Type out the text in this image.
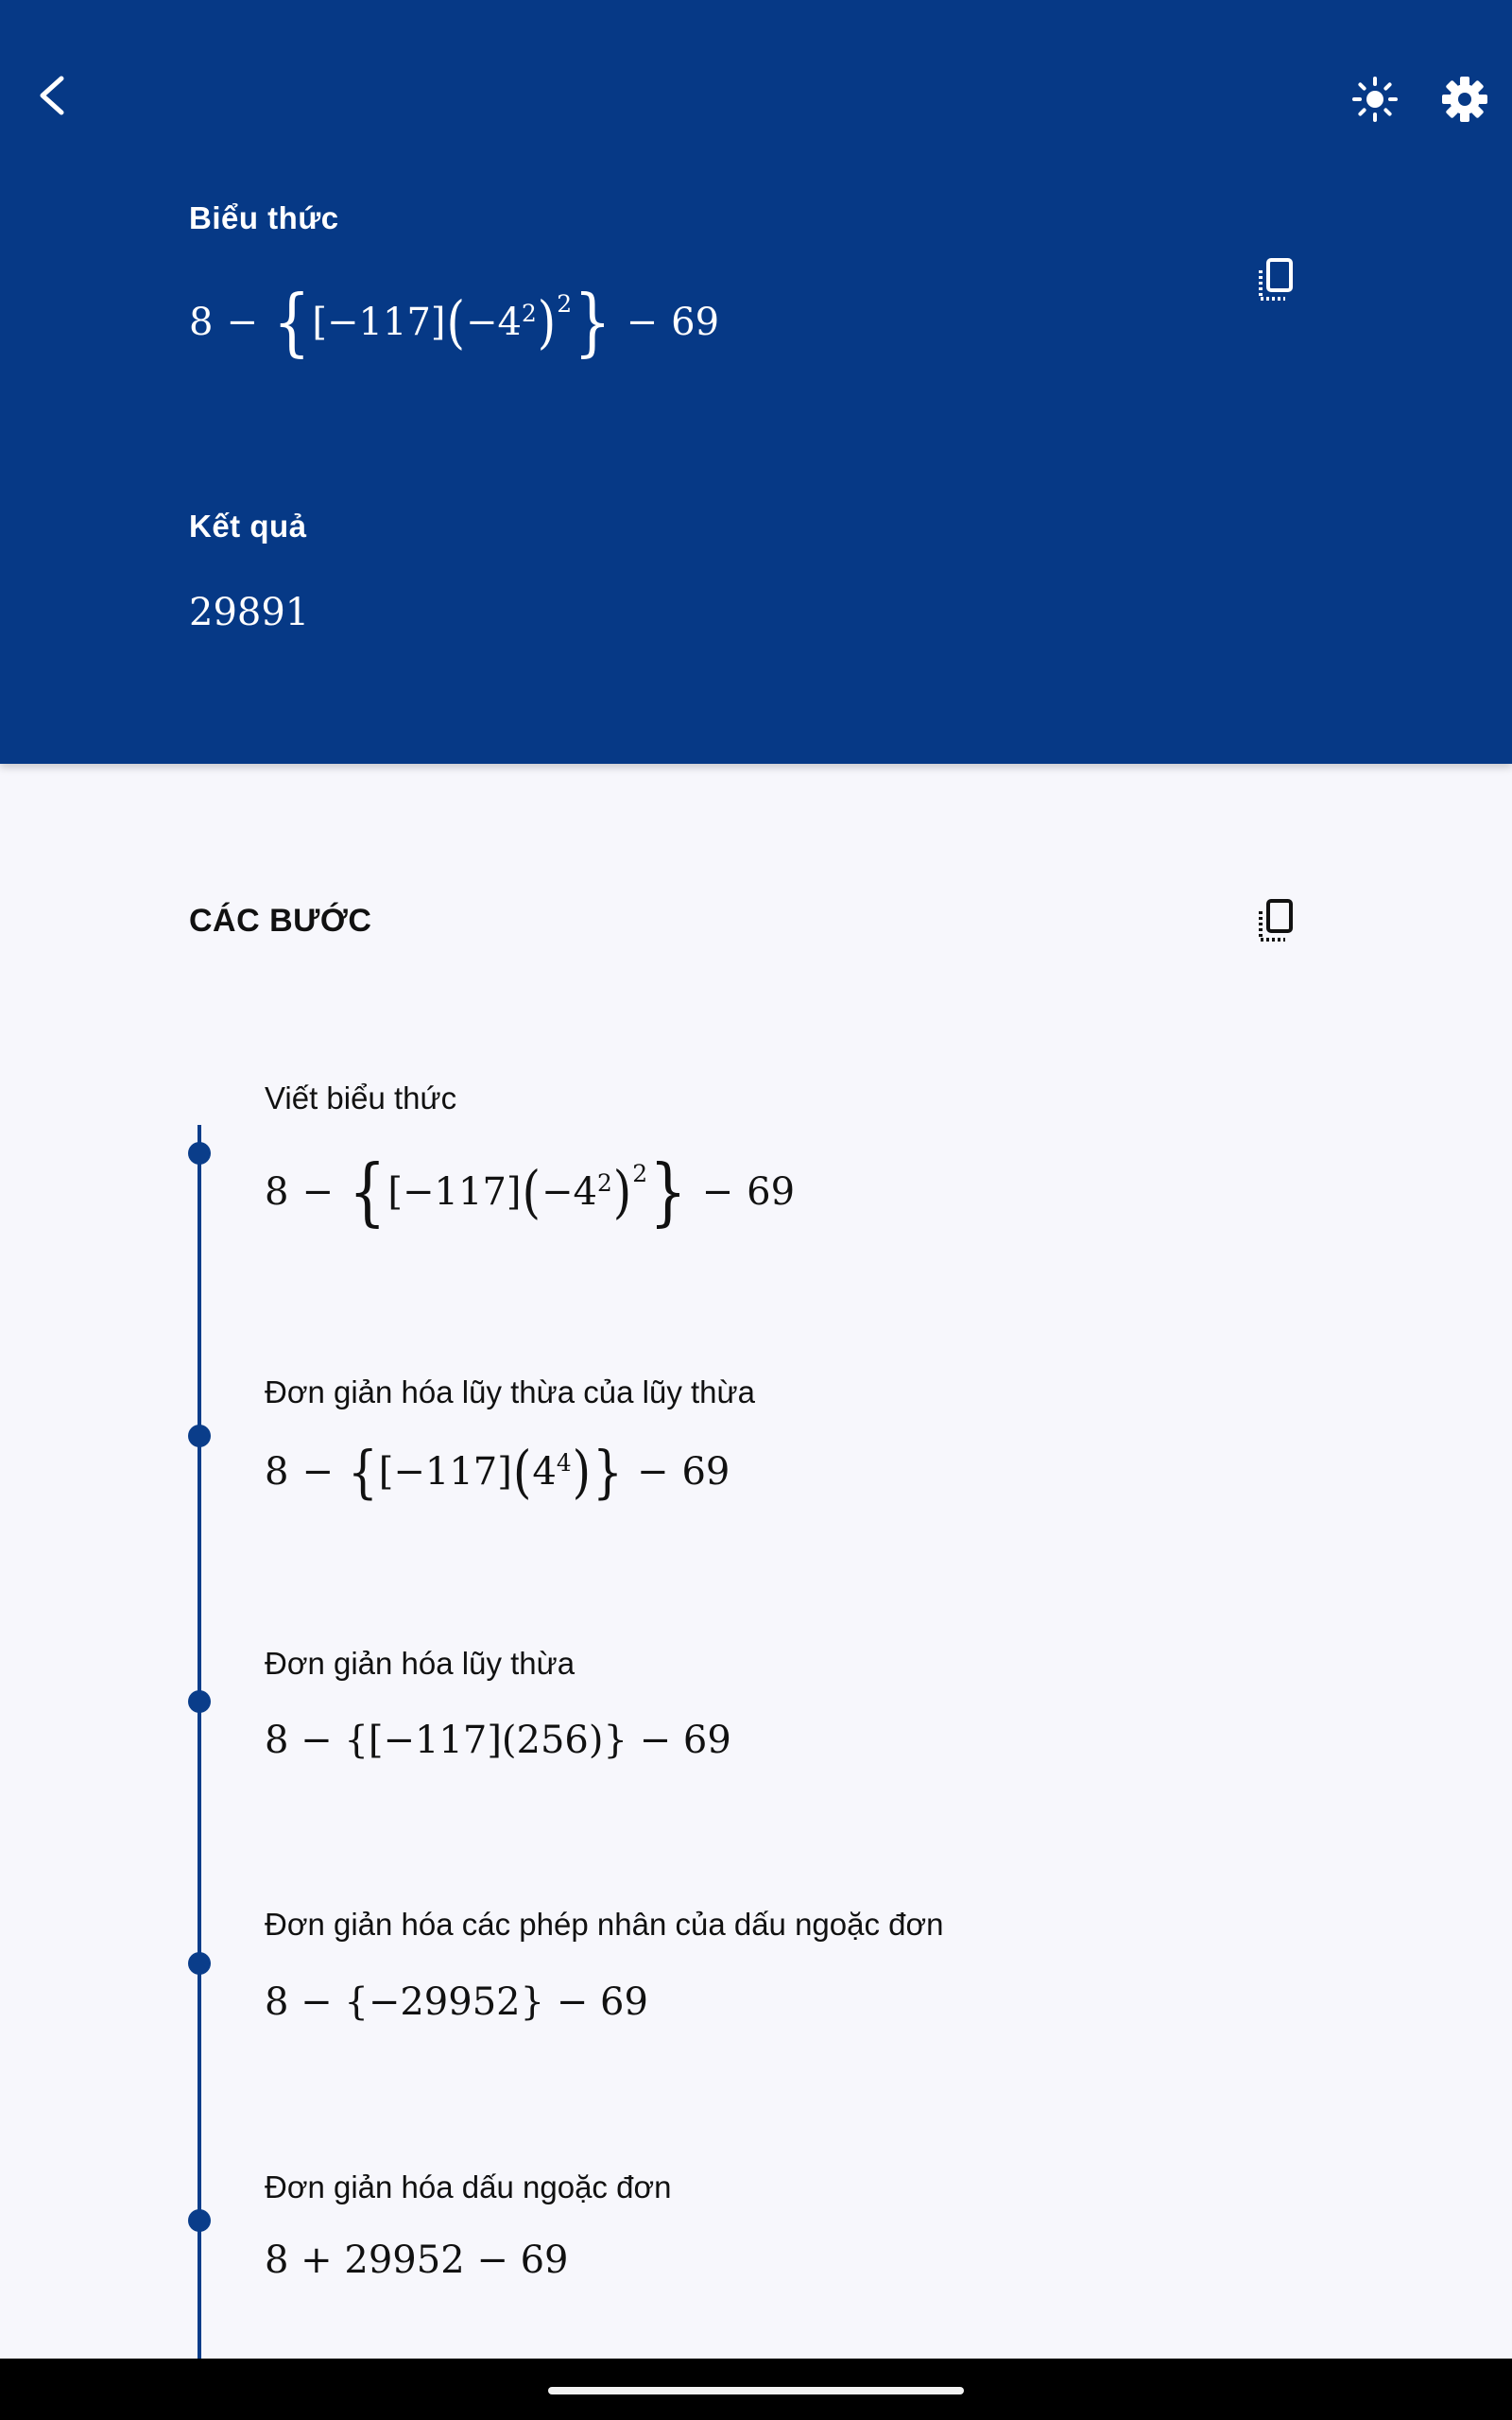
Biểu thức
8 − { [−117] ( $-4^2$ )$^2$ } − 69
Kết quả
29891
CÁC BƯỚC
Viết biểu thức
8 − { [−117] ( $-4^2$ )$^2$ } − 69
Đơn giản hóa lũy thừa của lũy thừa
8 − { [−117] ( $4^4$ ) } − 69
Đơn giản hóa lũy thừa
8 − {[−117](256)} − 69
Đơn giản hóa các phép nhân của dấu ngoặc đơn
8 − {−29952} − 69
Đơn giản hóa dấu ngoặc đơn
8 + 29952 − 69
